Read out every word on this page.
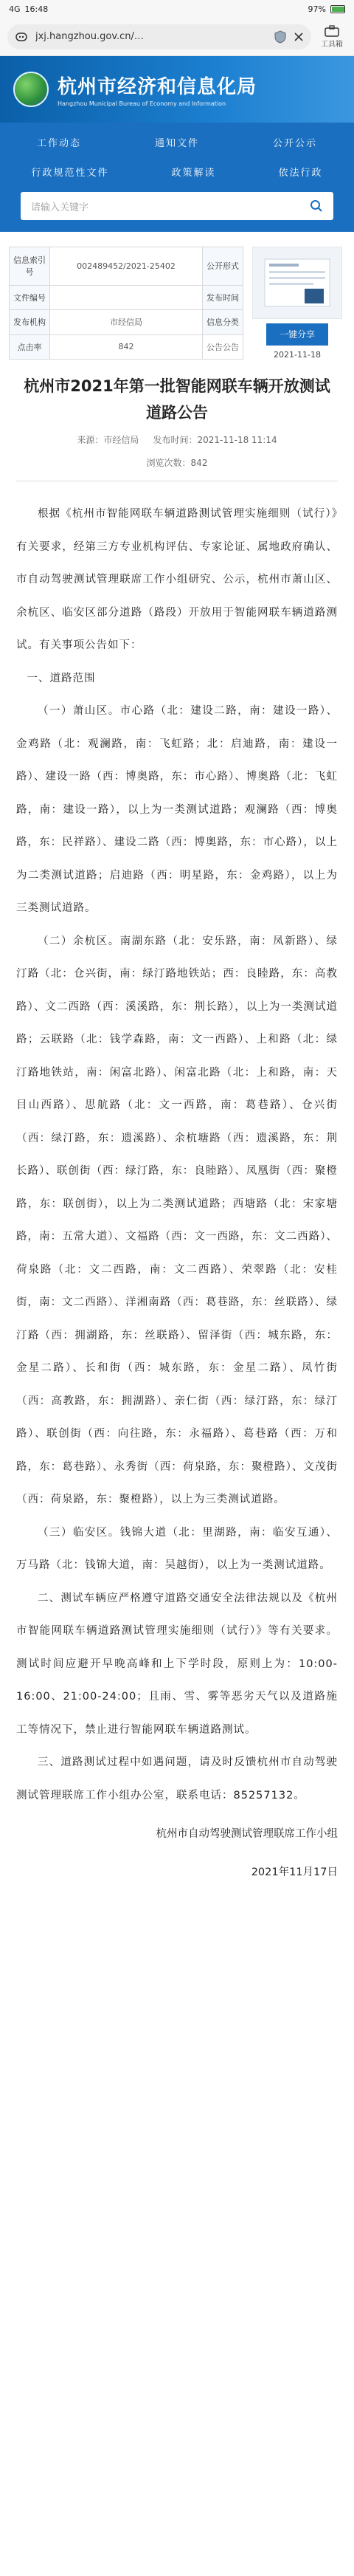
4G 16:48	97%
jxj.hangzhou.gov.cn/…
工具箱
杭州市经济和信息化局
Hangzhou Municipal Bureau of Economy and Information
工作动态	通知文件	公开公示
行政规范性文件	政策解读	依法行政
请输入关键字
信息索引号	002489452/2021-25402	公开形式
文件编号		发布时间
发布机构	市经信局	信息分类
点击率	842	公告公告
一键分享
2021-11-18
杭州市2021年第一批智能网联车辆开放测试道路公告
来源：市经信局 发布时间：2021-11-18 11:14
浏览次数：842

根据《杭州市智能网联车辆道路测试管理实施细则（试行）》有关要求，经第三方专业机构评估、专家论证、属地政府确认、市自动驾驶测试管理联席工作小组研究、公示，杭州市萧山区、余杭区、临安区部分道路（路段）开放用于智能网联车辆道路测试。有关事项公告如下：

一、道路范围

（一）萧山区。市心路（北：建设二路，南：建设一路）、金鸡路（北：观澜路，南：飞虹路；北：启迪路，南：建设一路）、建设一路（西：博奥路，东：市心路）、博奥路（北：飞虹路，南：建设一路），以上为一类测试道路；观澜路（西：博奥路，东：民祥路）、建设二路（西：博奥路，东：市心路），以上为二类测试道路；启迪路（西：明星路，东：金鸡路），以上为三类测试道路。

（二）余杭区。南湖东路（北：安乐路，南：凤新路）、绿汀路（北：仓兴街，南：绿汀路地铁站；西：良睦路，东：高教路）、文二西路（西：溪溪路，东：荆长路），以上为一类测试道路；云联路（北：钱学森路，南：文一西路）、上和路（北：绿汀路地铁站，南：闲富北路）、闲富北路（北：上和路，南：天目山西路）、思航路（北：文一西路，南：葛巷路）、仓兴街（西：绿汀路，东：遗溪路）、余杭塘路（西：遗溪路，东：荆长路）、联创街（西：绿汀路，东：良睦路）、凤凰街（西：聚橙路，东：联创街），以上为二类测试道路；西塘路（北：宋家塘路，南：五常大道）、文福路（西：文一西路，东：文二西路）、荷泉路（北：文二西路，南：文二西路）、荣翠路（北：安桂街，南：文二西路）、洋湘南路（西：葛巷路，东：丝联路）、绿汀路（西：拥湖路，东：丝联路）、留泽街（西：城东路，东：金星二路）、长和街（西：城东路，东：金星二路）、凤竹街（西：高教路，东：拥湖路）、亲仁街（西：绿汀路，东：绿汀路）、联创街（西：向往路，东：永福路）、葛巷路（西：万和路，东：葛巷路）、永秀街（西：荷泉路，东：聚橙路）、文茂街（西：荷泉路，东：聚橙路），以上为三类测试道路。

（三）临安区。钱锦大道（北：里湖路，南：临安互通）、万马路（北：钱锦大道，南：吴越街），以上为一类测试道路。

二、测试车辆应严格遵守道路交通安全法律法规以及《杭州市智能网联车辆道路测试管理实施细则（试行）》等有关要求。测试时间应避开早晚高峰和上下学时段，原则上为：10:00-16:00、21:00-24:00；且雨、雪、雾等恶劣天气以及道路施工等情况下，禁止进行智能网联车辆道路测试。

三、道路测试过程中如遇问题，请及时反馈杭州市自动驾驶测试管理联席工作小组办公室，联系电话：85257132。

杭州市自动驾驶测试管理联席工作小组
2021年11月17日
